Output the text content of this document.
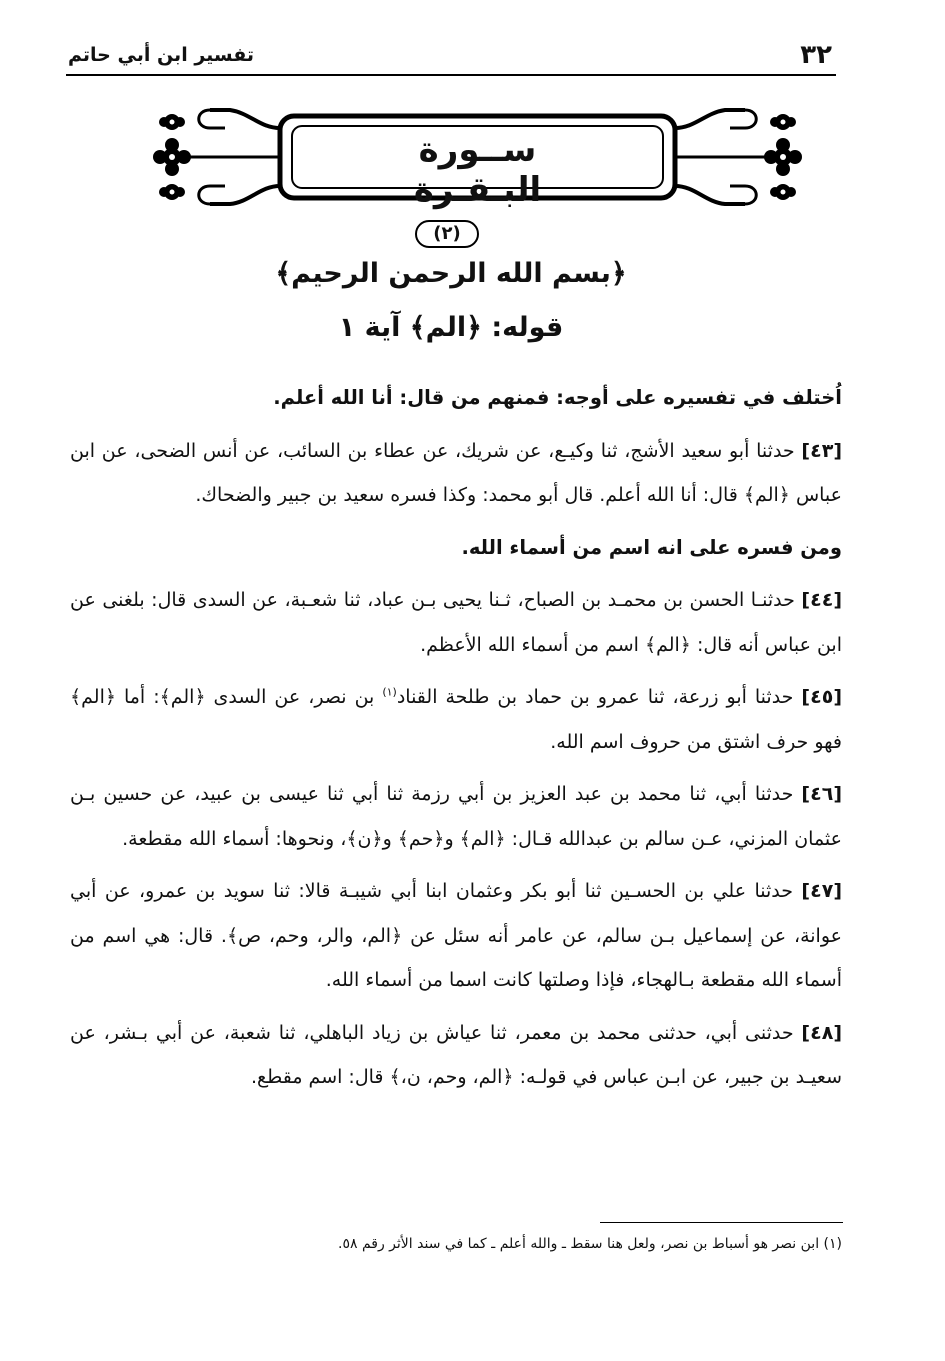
٣٢
تفسير ابن أبي حاتم
ســورة البـقـرة
(٢)
﴿بسم الله الرحمن الرحيم﴾
قوله: ﴿الم﴾ آية ١

اُختلف في تفسيره على أوجه: فمنهم من قال: أنا الله أعلم.

[٤٣] حدثنا أبو سعيد الأشج، ثنا وكيـع، عن شريك، عن عطاء بن السائب، عن أنس الضحى، عن ابن عباس ﴿الم﴾ قال: أنا الله أعلم. قال أبو محمد: وكذا فسره سعيد بن جبير والضحاك.

ومن فسره على انه اسم من أسماء الله.

[٤٤] حدثنـا الحسن بن محمـد بن الصباح، ثـنا يحيى بـن عباد، ثنا شعـبة، عن السدى قال: بلغنى عن ابن عباس أنه قال: ﴿الم﴾ اسم من أسماء الله الأعظم.

[٤٥] حدثنا أبو زرعة، ثنا عمرو بن حماد بن طلحة القناد$^{(١)}$ بن نصر، عن السدى ﴿الم﴾: أما ﴿الم﴾ فهو حرف اشتق من حروف اسم الله.

[٤٦] حدثنا أبي، ثنا محمد بن عبد العزيز بن أبي رزمة ثنا أبي ثنا عيسى بن عبيد، عن حسين بـن عثمان المزني، عـن سالم بن عبدالله قـال: ﴿الم﴾ و﴿حم﴾ و﴿ن﴾، ونحوها: أسماء الله مقطعة.

[٤٧] حدثنا علي بن الحسـين ثنا أبو بكر وعثمان ابنا أبي شيبـة قالا: ثنا سويد بن عمرو، عن أبي عوانة، عن إسماعيل بـن سالم، عن عامر أنه سئل عن ﴿الم، والر، وحم، ص﴾. قال: هي اسم من أسماء الله مقطعة بـالهجاء، فإذا وصلتها كانت اسما من أسماء الله.

[٤٨] حدثنى أبي، حدثنى محمد بن معمر، ثنا عياش بن زياد الباهلي، ثنا شعبة، عن أبي بـشر، عن سعيـد بن جبير، عن ابـن عباس في قولـه: ﴿الم، وحم، ن،﴾ قال: اسم مقطع.

(١) ابن نصر هو أسباط بن نصر، ولعل هنا سقط ـ والله أعلم ـ كما في سند الأثر رقم ٥٨.
